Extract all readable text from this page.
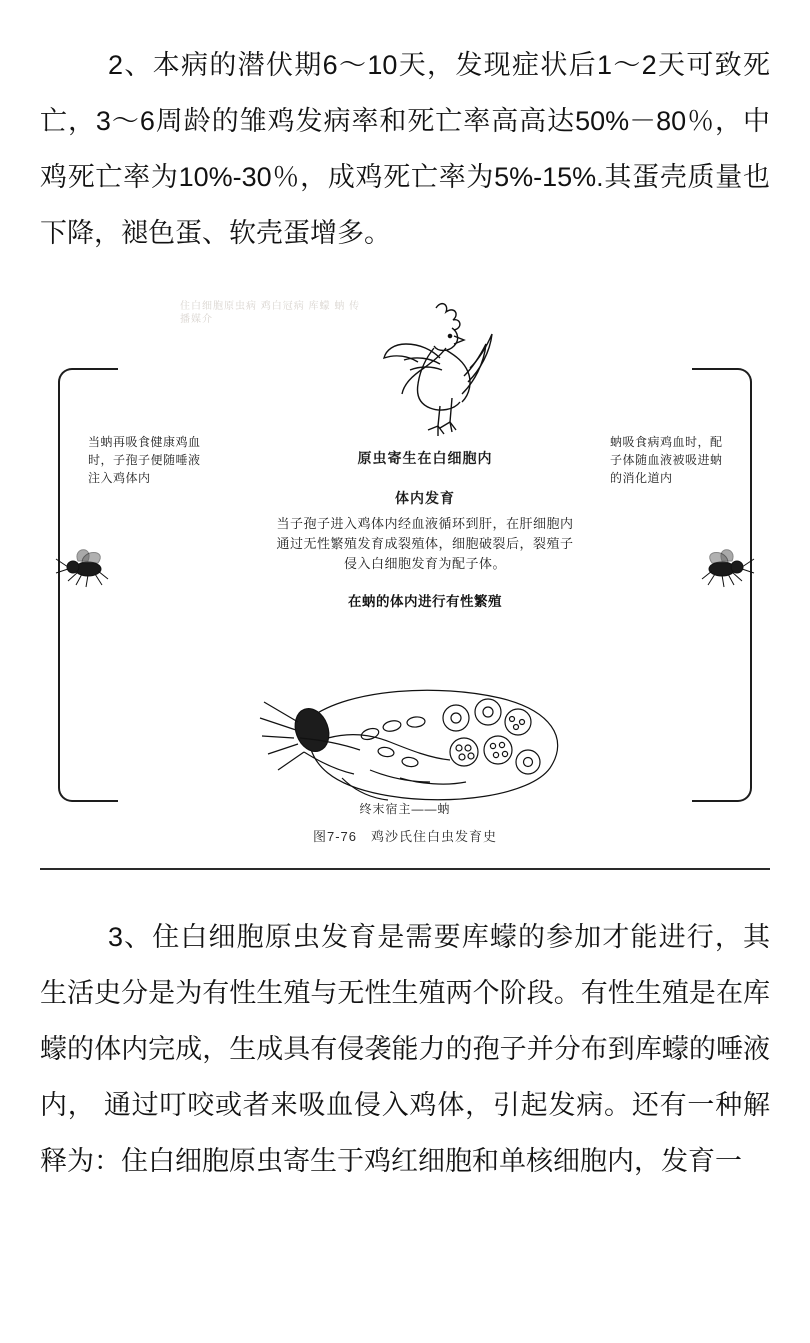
2、本病的潜伏期6～10天，发现症状后1～2天可致死亡，3～6周龄的雏鸡发病率和死亡率高高达50%－80％，中鸡死亡率为10%-30％，成鸡死亡率为5%-15%.其蛋壳质量也下降，褪色蛋、软壳蛋增多。

住白细胞原虫病 鸡白冠病 库蠓 蚋 传播媒介
当蚋再吸食健康鸡血时，子孢子便随唾液注入鸡体内
蚋吸食病鸡血时，配子体随血液被吸进蚋的消化道内
原虫寄生在白细胞内
体内发育
当子孢子进入鸡体内经血液循环到肝，在肝细胞内通过无性繁殖发育成裂殖体，细胞破裂后，裂殖子侵入白细胞发育为配子体。
在蚋的体内进行有性繁殖
终末宿主——蚋
图7-76　鸡沙氏住白虫发育史

3、住白细胞原虫发育是需要库蠓的参加才能进行，其生活史分是为有性生殖与无性生殖两个阶段。有性生殖是在库蠓的体内完成，生成具有侵袭能力的孢子并分布到库蠓的唾液内， 通过叮咬或者来吸血侵入鸡体，引起发病。还有一种解释为：住白细胞原虫寄生于鸡红细胞和单核细胞内，发育一
